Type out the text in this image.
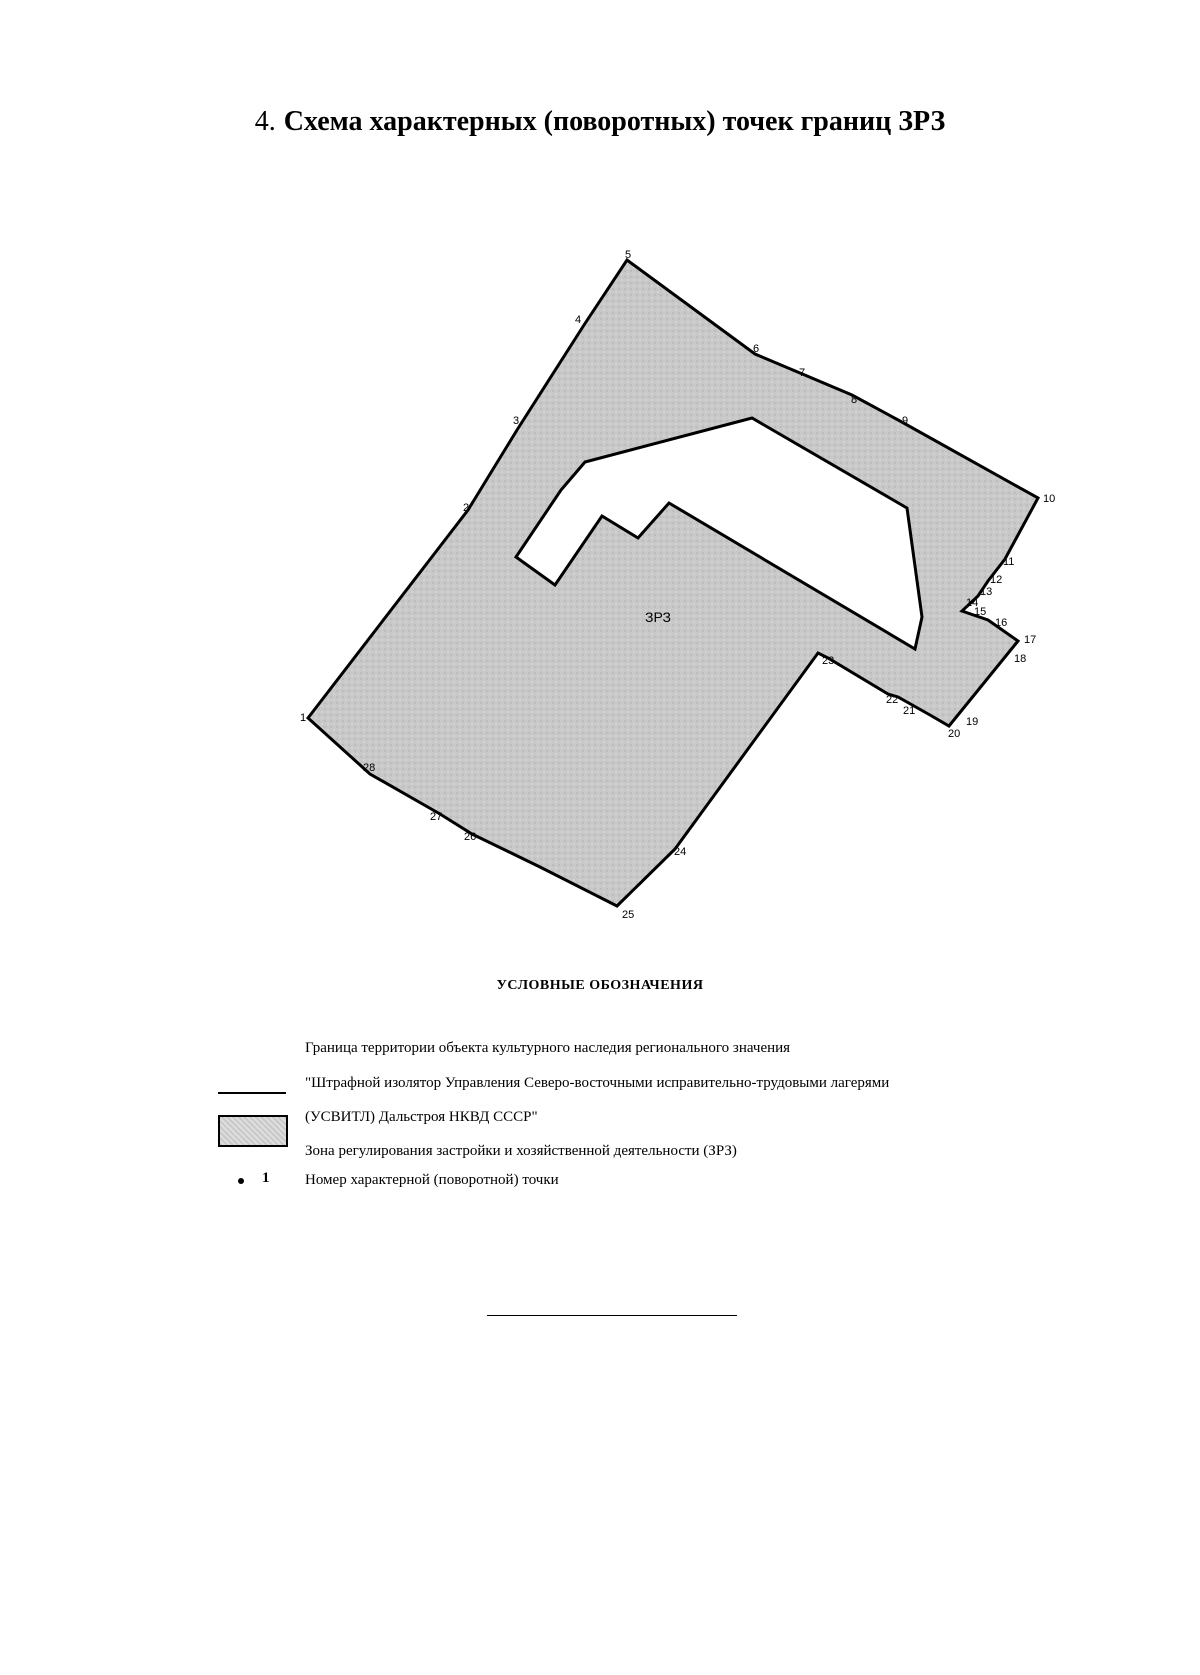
4. Схема характерных (поворотных) точек границ ЗРЗ
ЗРЗ
1
2
3
4
5
6
7
8
9
10
11
12
13
14
15
16
17
18
19
20
21
22
23
24
25
26
27
28
УСЛОВНЫЕ ОБОЗНАЧЕНИЯ
Граница территории объекта культурного наследия регионального значения
"Штрафной изолятор Управления Северо-восточными исправительно-трудовыми лагерями
(УСВИТЛ) Дальстроя НКВД СССР"
Зона регулирования застройки и хозяйственной деятельности (ЗРЗ)
1 Номер характерной (поворотной) точки
